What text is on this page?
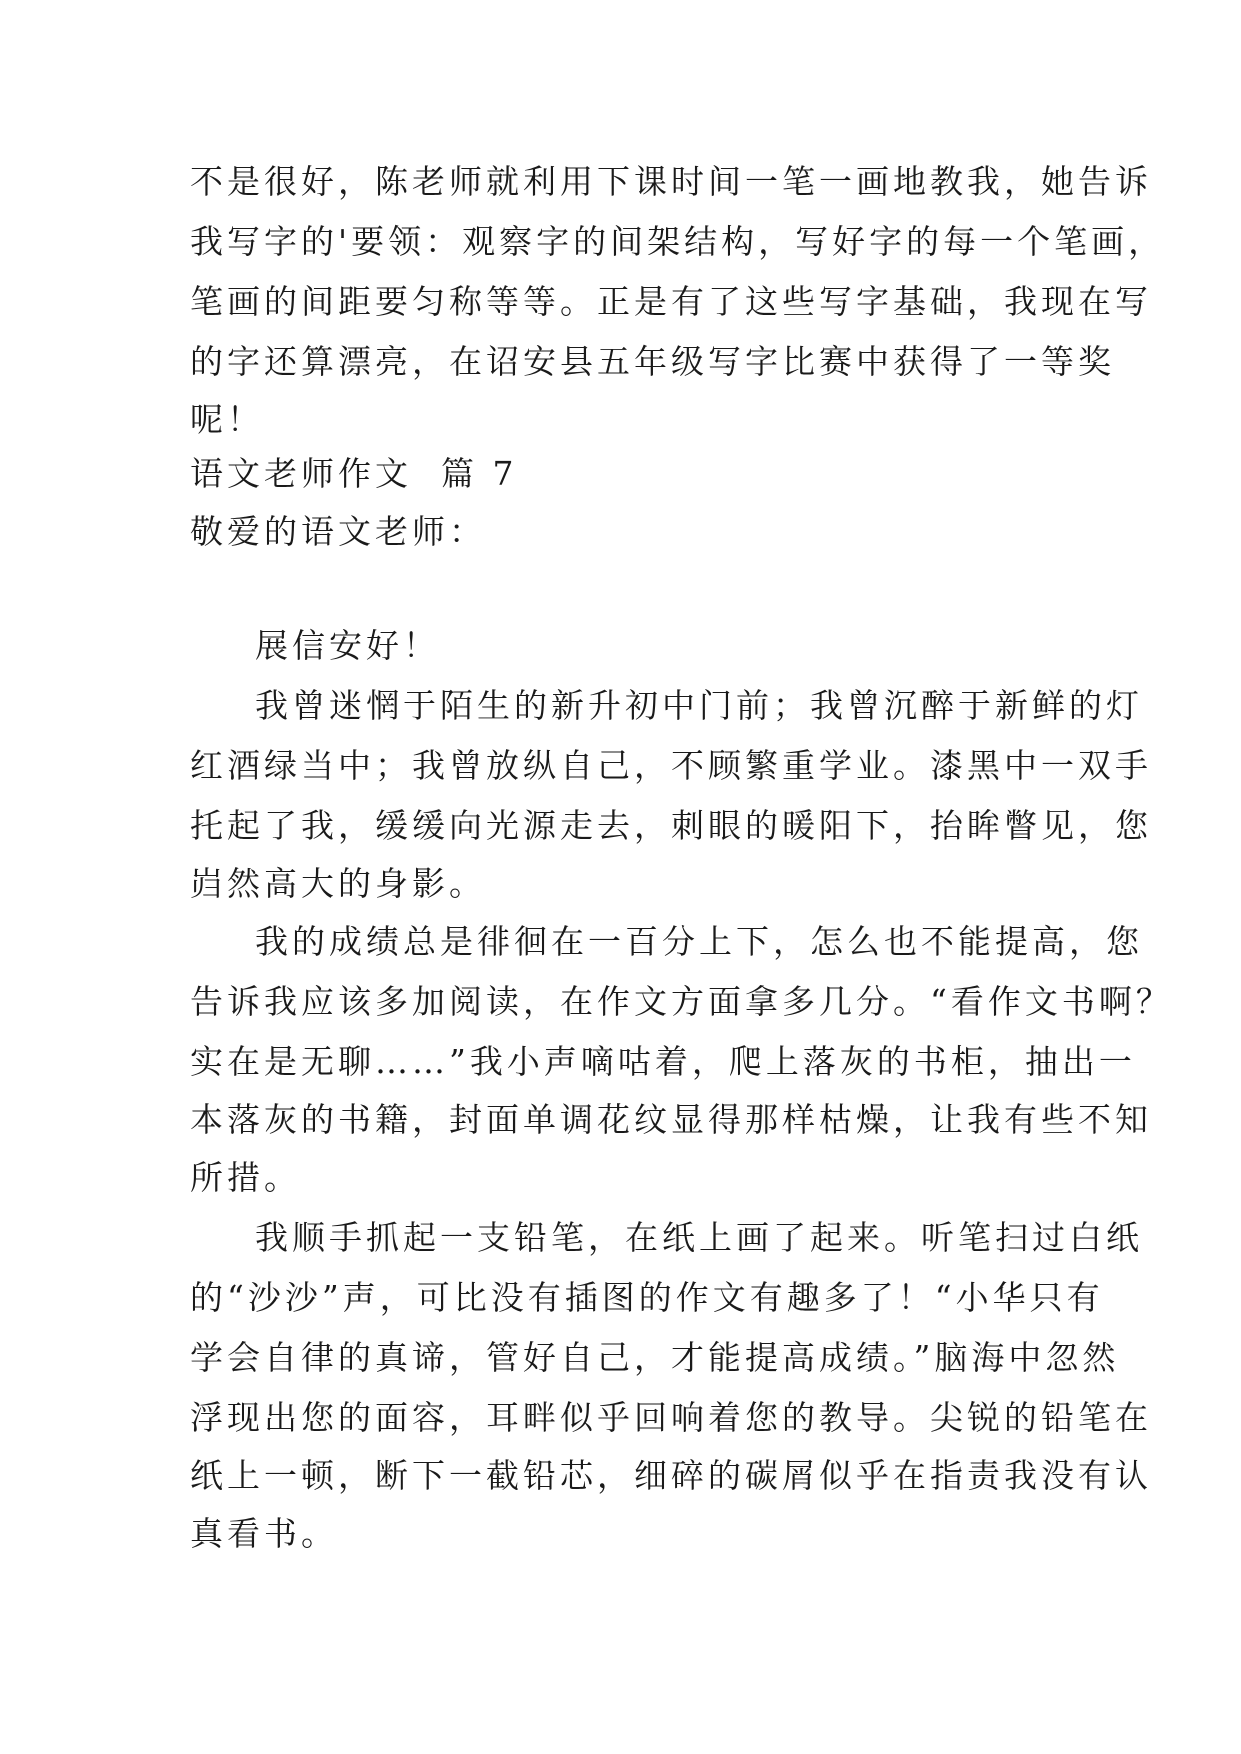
不是很好，陈老师就利用下课时间一笔一画地教我，她告诉
我写字的'要领：观察字的间架结构，写好字的每一个笔画，
笔画的间距要匀称等等。正是有了这些写字基础，我现在写
的字还算漂亮，在诏安县五年级写字比赛中获得了一等奖
呢！
语文老师作文  篇 7
敬爱的语文老师：
展信安好！
我曾迷惘于陌生的新升初中门前；我曾沉醉于新鲜的灯
红酒绿当中；我曾放纵自己，不顾繁重学业。漆黑中一双手
托起了我，缓缓向光源走去，刺眼的暖阳下，抬眸瞥见，您
岿然高大的身影。
我的成绩总是徘徊在一百分上下，怎么也不能提高，您
告诉我应该多加阅读，在作文方面拿多几分。“看作文书啊？
实在是无聊……”我小声嘀咕着，爬上落灰的书柜，抽出一
本落灰的书籍，封面单调花纹显得那样枯燥，让我有些不知
所措。
我顺手抓起一支铅笔，在纸上画了起来。听笔扫过白纸
的“沙沙”声，可比没有插图的作文有趣多了！“小华只有
学会自律的真谛，管好自己，才能提高成绩。”脑海中忽然
浮现出您的面容，耳畔似乎回响着您的教导。尖锐的铅笔在
纸上一顿，断下一截铅芯，细碎的碳屑似乎在指责我没有认
真看书。
